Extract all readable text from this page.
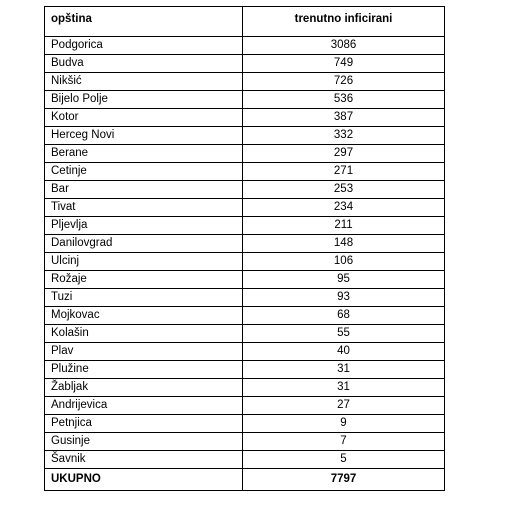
opština	trenutno inficirani
Podgorica	3086
Budva	749
Nikšić	726
Bijelo Polje	536
Kotor	387
Herceg Novi	332
Berane	297
Cetinje	271
Bar	253
Tivat	234
Pljevlja	211
Danilovgrad	148
Ulcinj	106
Rožaje	95
Tuzi	93
Mojkovac	68
Kolašin	55
Plav	40
Plužine	31
Žabljak	31
Andrijevica	27
Petnjica	9
Gusinje	7
Šavnik	5
UKUPNO	7797
